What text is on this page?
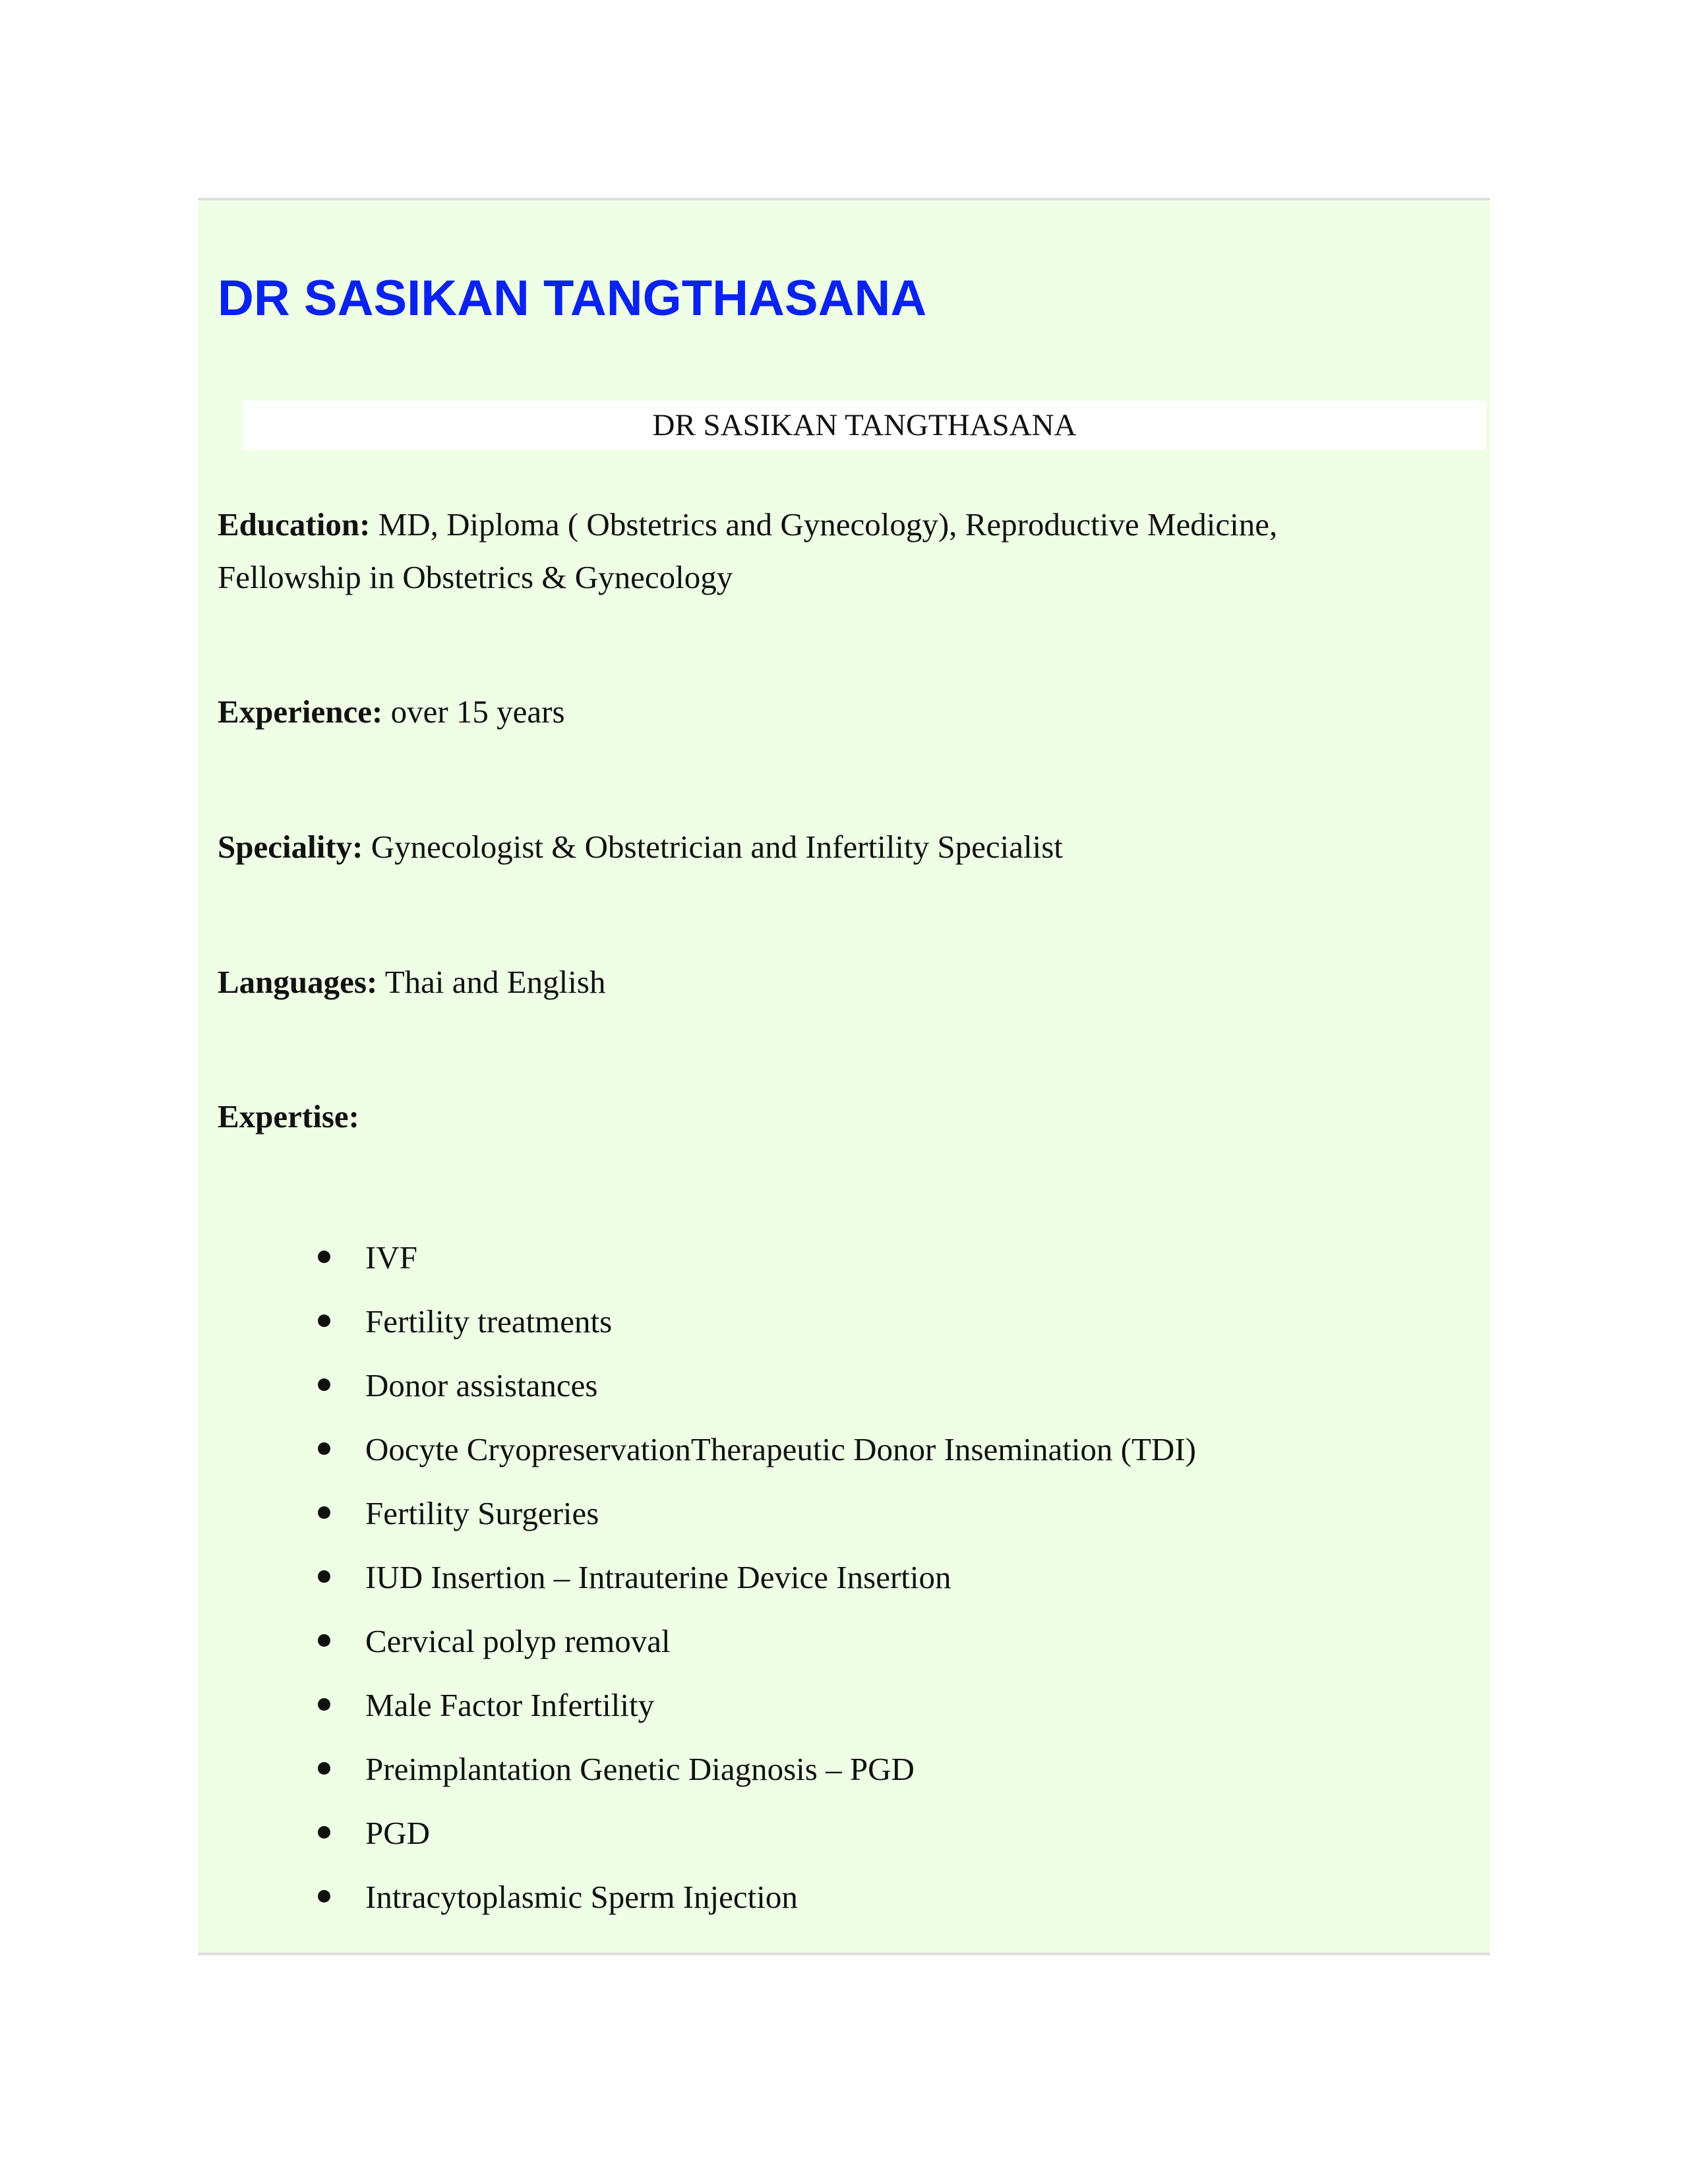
DR SASIKAN TANGTHASANA
DR SASIKAN TANGTHASANA

Education: MD, Diploma ( Obstetrics and Gynecology), Reproductive Medicine,
Fellowship in Obstetrics & Gynecology

Experience: over 15 years

Speciality: Gynecologist & Obstetrician and Infertility Specialist

Languages: Thai and English

Expertise:

IVF
Fertility treatments
Donor assistances
Oocyte CryopreservationTherapeutic Donor Insemination (TDI)
Fertility Surgeries
IUD Insertion – Intrauterine Device Insertion
Cervical polyp removal
Male Factor Infertility
Preimplantation Genetic Diagnosis – PGD
PGD
Intracytoplasmic Sperm Injection
